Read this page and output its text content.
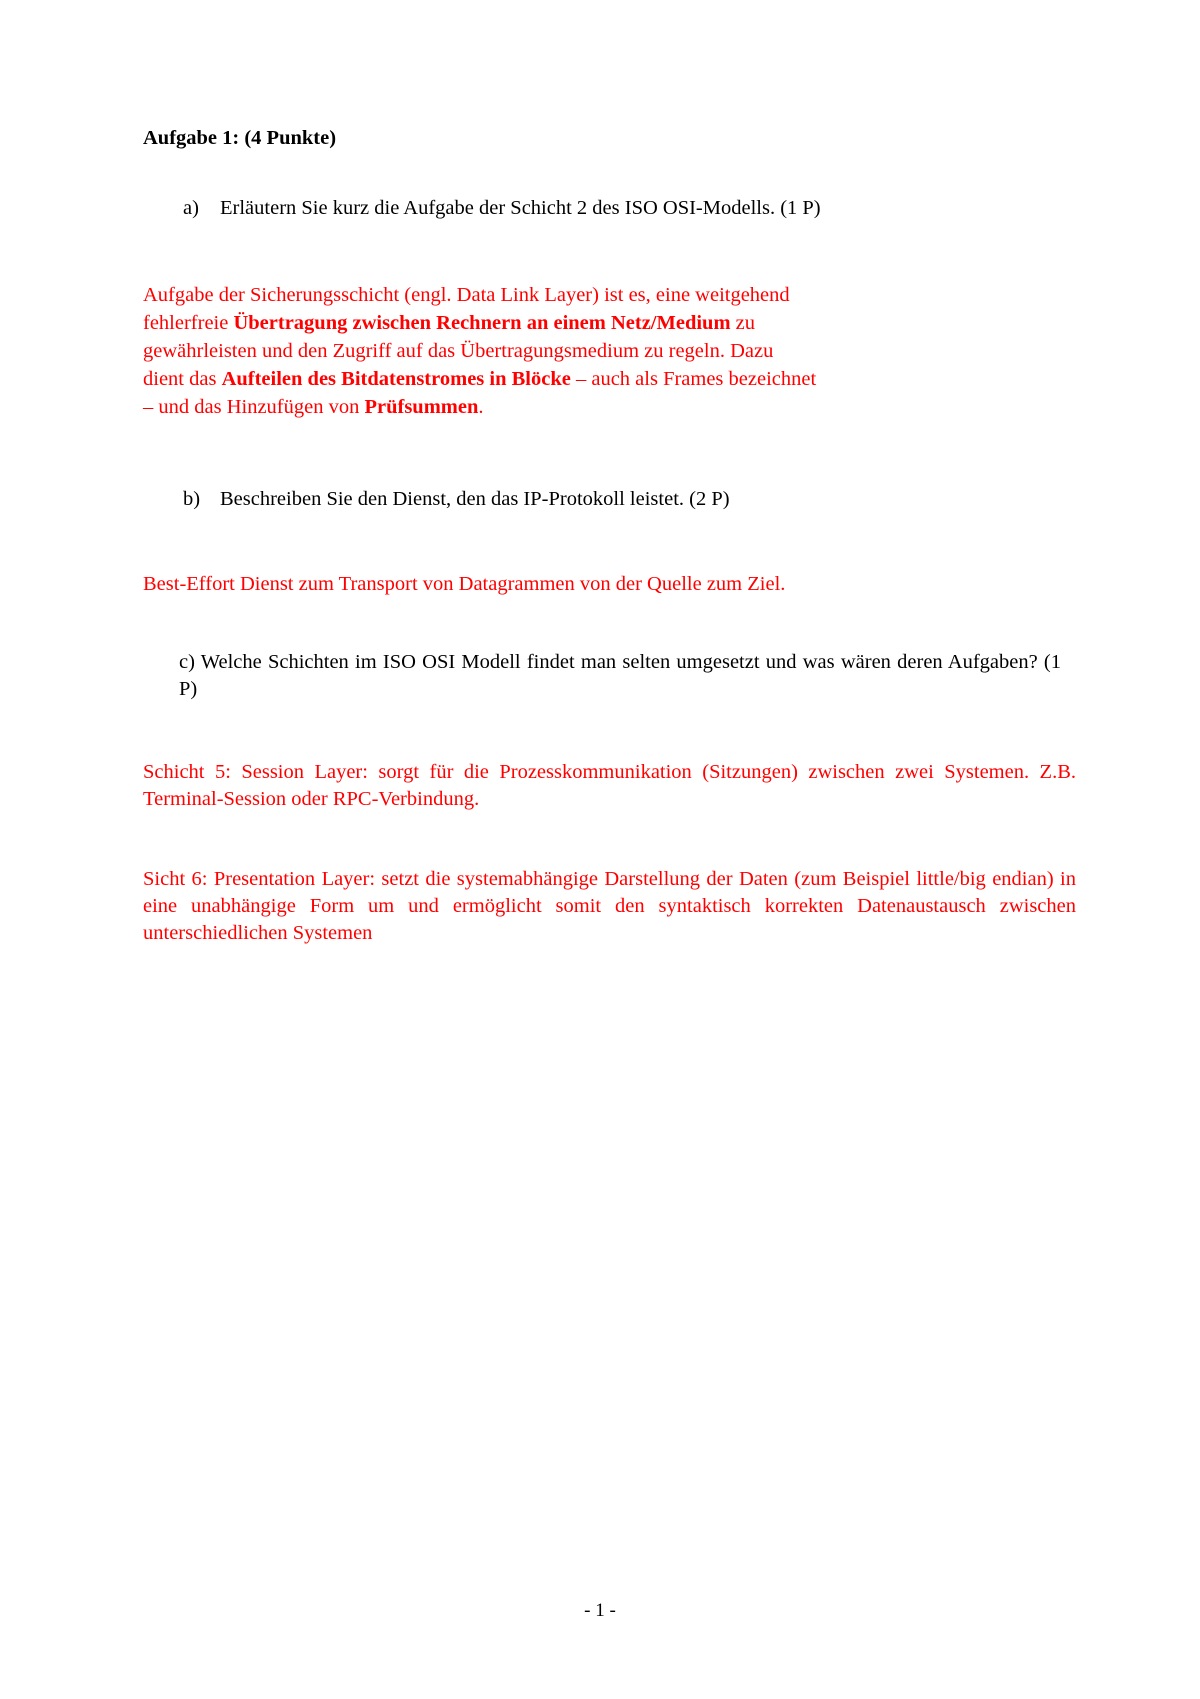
Aufgabe 1: (4 Punkte)
a) Erläutern Sie kurz die Aufgabe der Schicht 2 des ISO OSI-Modells. (1 P)
Aufgabe der Sicherungsschicht (engl. Data Link Layer) ist es, eine weitgehend
fehlerfreie Übertragung zwischen Rechnern an einem Netz/Medium zu
gewährleisten und den Zugriff auf das Übertragungsmedium zu regeln. Dazu
dient das Aufteilen des Bitdatenstromes in Blöcke – auch als Frames bezeichnet
– und das Hinzufügen von Prüfsummen.
b) Beschreiben Sie den Dienst, den das IP-Protokoll leistet. (2 P)
Best-Effort Dienst zum Transport von Datagrammen von der Quelle zum Ziel.
c) Welche Schichten im ISO OSI Modell findet man selten umgesetzt und was wären deren Aufgaben? (1 P)
Schicht 5: Session Layer: sorgt für die Prozesskommunikation (Sitzungen) zwischen zwei Systemen. Z.B. Terminal-Session oder RPC-Verbindung.
Sicht 6: Presentation Layer: setzt die systemabhängige Darstellung der Daten (zum Beispiel little/big endian) in eine unabhängige Form um und ermöglicht somit den syntaktisch korrekten Datenaustausch zwischen unterschiedlichen Systemen
- 1 -
